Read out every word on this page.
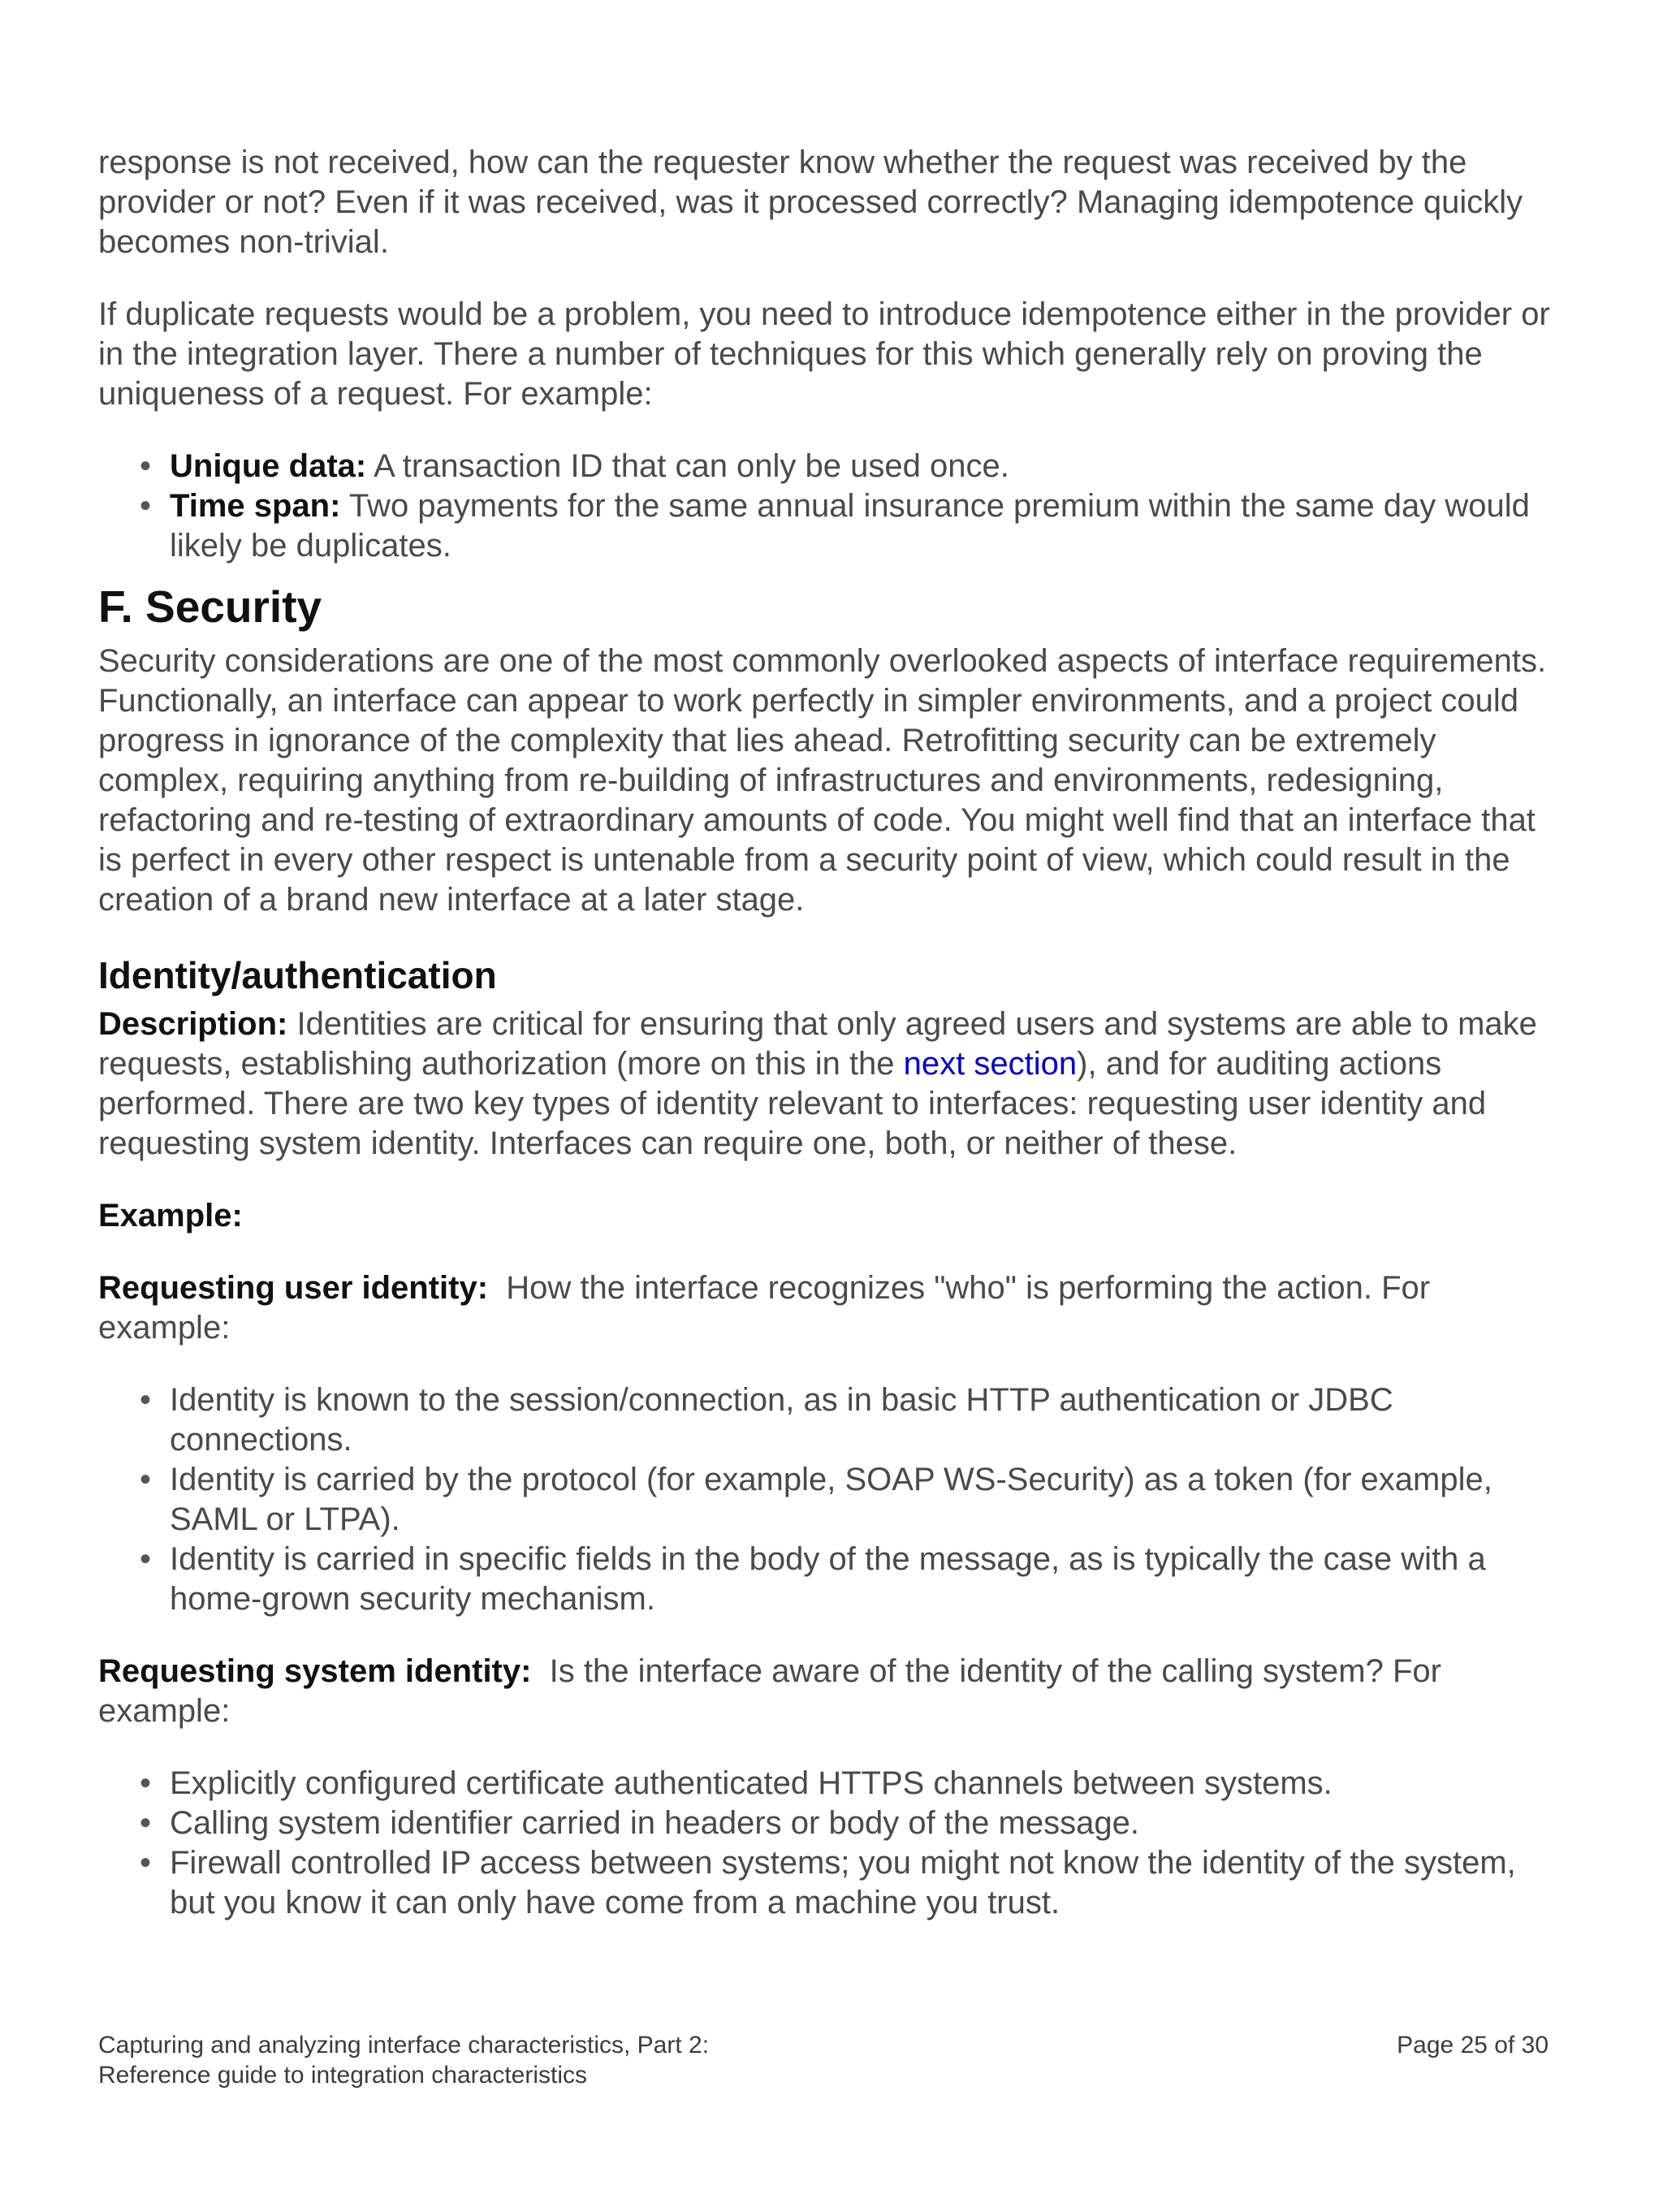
response is not received, how can the requester know whether the request was received by the provider or not? Even if it was received, was it processed correctly? Managing idempotence quickly becomes non-trivial.

If duplicate requests would be a problem, you need to introduce idempotence either in the provider or in the integration layer. There a number of techniques for this which generally rely on proving the uniqueness of a request. For example:

• Unique data: A transaction ID that can only be used once.
• Time span: Two payments for the same annual insurance premium within the same day would likely be duplicates.
F. Security

Security considerations are one of the most commonly overlooked aspects of interface requirements. Functionally, an interface can appear to work perfectly in simpler environments, and a project could progress in ignorance of the complexity that lies ahead. Retrofitting security can be extremely complex, requiring anything from re-building of infrastructures and environments, redesigning, refactoring and re-testing of extraordinary amounts of code. You might well find that an interface that is perfect in every other respect is untenable from a security point of view, which could result in the creation of a brand new interface at a later stage.

Identity/authentication

Description: Identities are critical for ensuring that only agreed users and systems are able to make requests, establishing authorization (more on this in the next section), and for auditing actions performed. There are two key types of identity relevant to interfaces: requesting user identity and requesting system identity. Interfaces can require one, both, or neither of these.

Example:

Requesting user identity:  How the interface recognizes "who" is performing the action. For example:

• Identity is known to the session/connection, as in basic HTTP authentication or JDBC connections.
• Identity is carried by the protocol (for example, SOAP WS-Security) as a token (for example, SAML or LTPA).
• Identity is carried in specific fields in the body of the message, as is typically the case with a home-grown security mechanism.

Requesting system identity:  Is the interface aware of the identity of the calling system? For example:

• Explicitly configured certificate authenticated HTTPS channels between systems.
• Calling system identifier carried in headers or body of the message.
• Firewall controlled IP access between systems; you might not know the identity of the system, but you know it can only have come from a machine you trust.
Capturing and analyzing interface characteristics, Part 2:
Reference guide to integration characteristics
Page 25 of 30
